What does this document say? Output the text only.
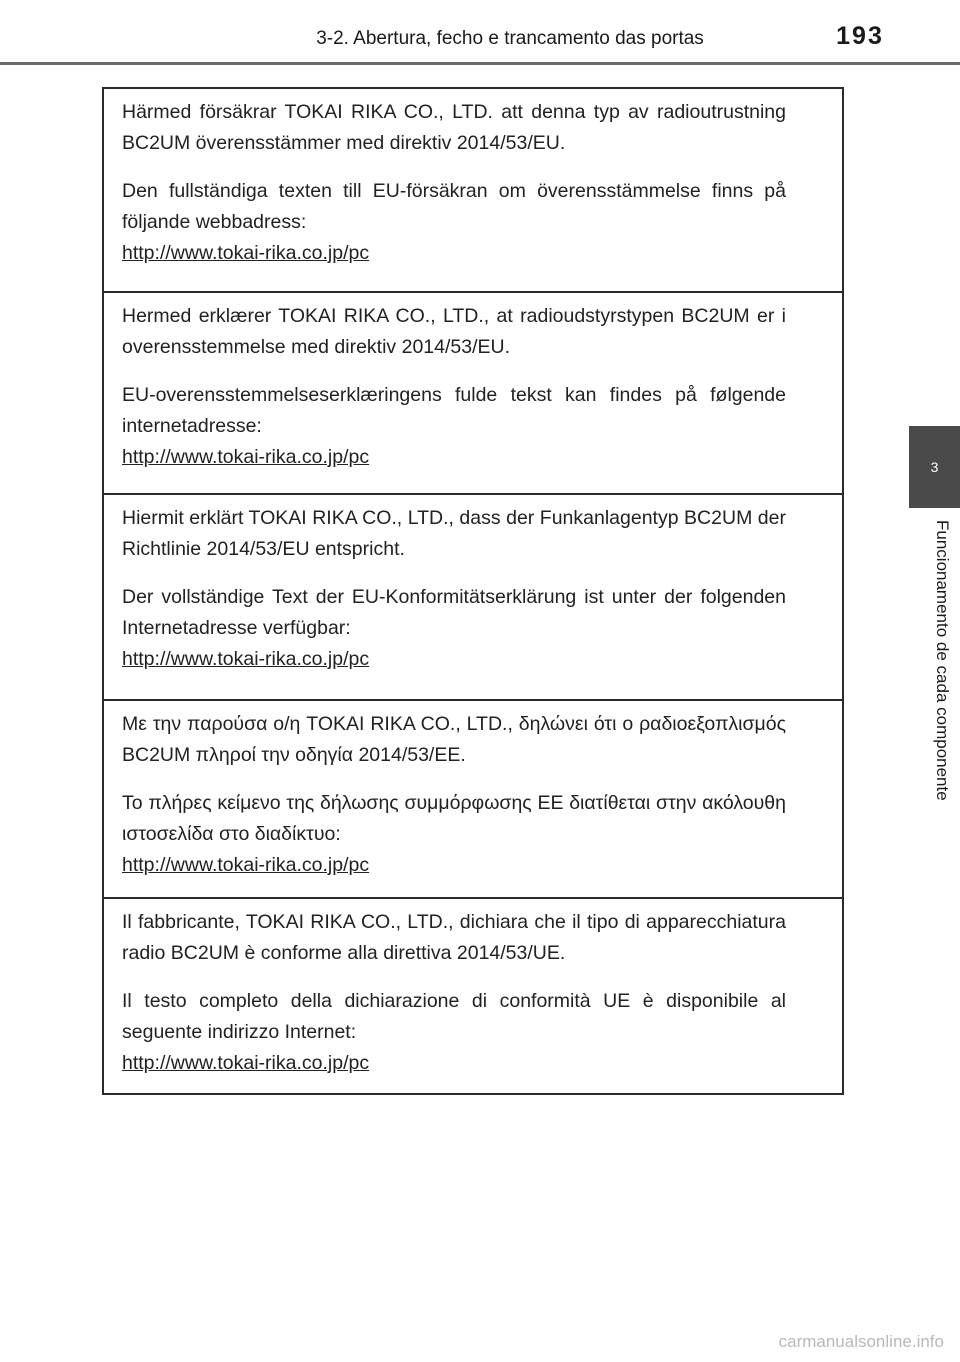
3-2. Abertura, fecho e trancamento das portas	193
3
Funcionamento de cada componente

Härmed försäkrar TOKAI RIKA CO., LTD. att denna typ av radioutrustning BC2UM överensstämmer med direktiv 2014/53/EU.

Den fullständiga texten till EU-försäkran om överensstämmelse finns på följande webbadress:

http://www.tokai-rika.co.jp/pc

Hermed erklærer TOKAI RIKA CO., LTD., at radioudstyrstypen BC2UM er i overensstemmelse med direktiv 2014/53/EU.

EU-overensstemmelseserklæringens fulde tekst kan findes på følgende internetadresse:

http://www.tokai-rika.co.jp/pc

Hiermit erklärt TOKAI RIKA CO., LTD., dass der Funkanlagentyp BC2UM der Richtlinie 2014/53/EU entspricht.

Der vollständige Text der EU-Konformitätserklärung ist unter der folgenden Internetadresse verfügbar:

http://www.tokai-rika.co.jp/pc

Με την παρούσα ο/η TOKAI RIKA CO., LTD., δηλώνει ότι ο ραδιοεξοπλισμός BC2UM πληροί την οδηγία 2014/53/ΕΕ.

Το πλήρες κείμενο της δήλωσης συμμόρφωσης ΕΕ διατίθεται στην ακόλουθη ιστοσελίδα στο διαδίκτυο:

http://www.tokai-rika.co.jp/pc

Il fabbricante, TOKAI RIKA CO., LTD., dichiara che il tipo di apparecchiatura radio BC2UM è conforme alla direttiva 2014/53/UE.

Il testo completo della dichiarazione di conformità UE è disponibile al seguente indirizzo Internet:

http://www.tokai-rika.co.jp/pc
carmanualsonline.info
